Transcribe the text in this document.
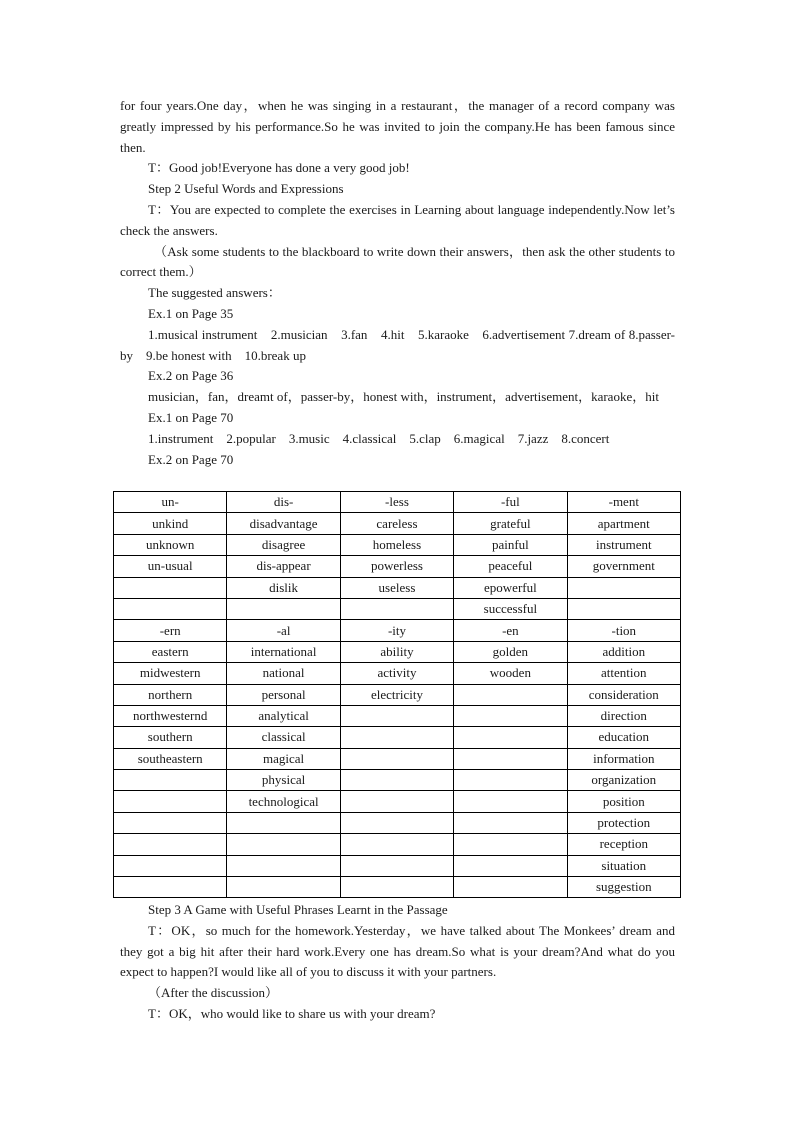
for four years.One day，when he was singing in a restaurant，the manager of a record company was greatly impressed by his performance.So he was invited to join the company.He has been famous since then.

T：Good job!Everyone has done a very good job!

Step 2 Useful Words and Expressions

T：You are expected to complete the exercises in Learning about language independently.Now let’s check the answers.

（Ask some students to the blackboard to write down their answers，then ask the other students to correct them.）

The suggested answers：

Ex.1 on Page 35

1.musical instrument　2.musician　3.fan　4.hit　5.karaoke　6.advertisement 7.dream of 8.passer-by　9.be honest with　10.break up

Ex.2 on Page 36

musician，fan，dreamt of，passer-by，honest with，instrument，advertisement，karaoke，hit

Ex.1 on Page 70

1.instrument　2.popular　3.music　4.classical　5.clap　6.magical　7.jazz　8.concert

Ex.2 on Page 70

un-	dis-	-less	-ful	-ment
unkind	disadvantage	careless	grateful	apartment
unknown	disagree	homeless	painful	instrument
un-usual	dis-appear	powerless	peaceful	government
	dislik	useless	epowerful	
			successful	
-ern	-al	-ity	-en	-tion
eastern	international	ability	golden	addition
midwestern	national	activity	wooden	attention
northern	personal	electricity		consideration
northwesternd	analytical			direction
southern	classical			education
southeastern	magical			information
	physical			organization
	technological			position
				protection
				reception
				situation
				suggestion

Step 3 A Game with Useful Phrases Learnt in the Passage

T：OK，so much for the homework.Yesterday，we have talked about The Monkees’ dream and they got a big hit after their hard work.Every one has dream.So what is your dream?And what do you expect to happen?I would like all of you to discuss it with your partners.

（After the discussion）

T：OK，who would like to share us with your dream?
